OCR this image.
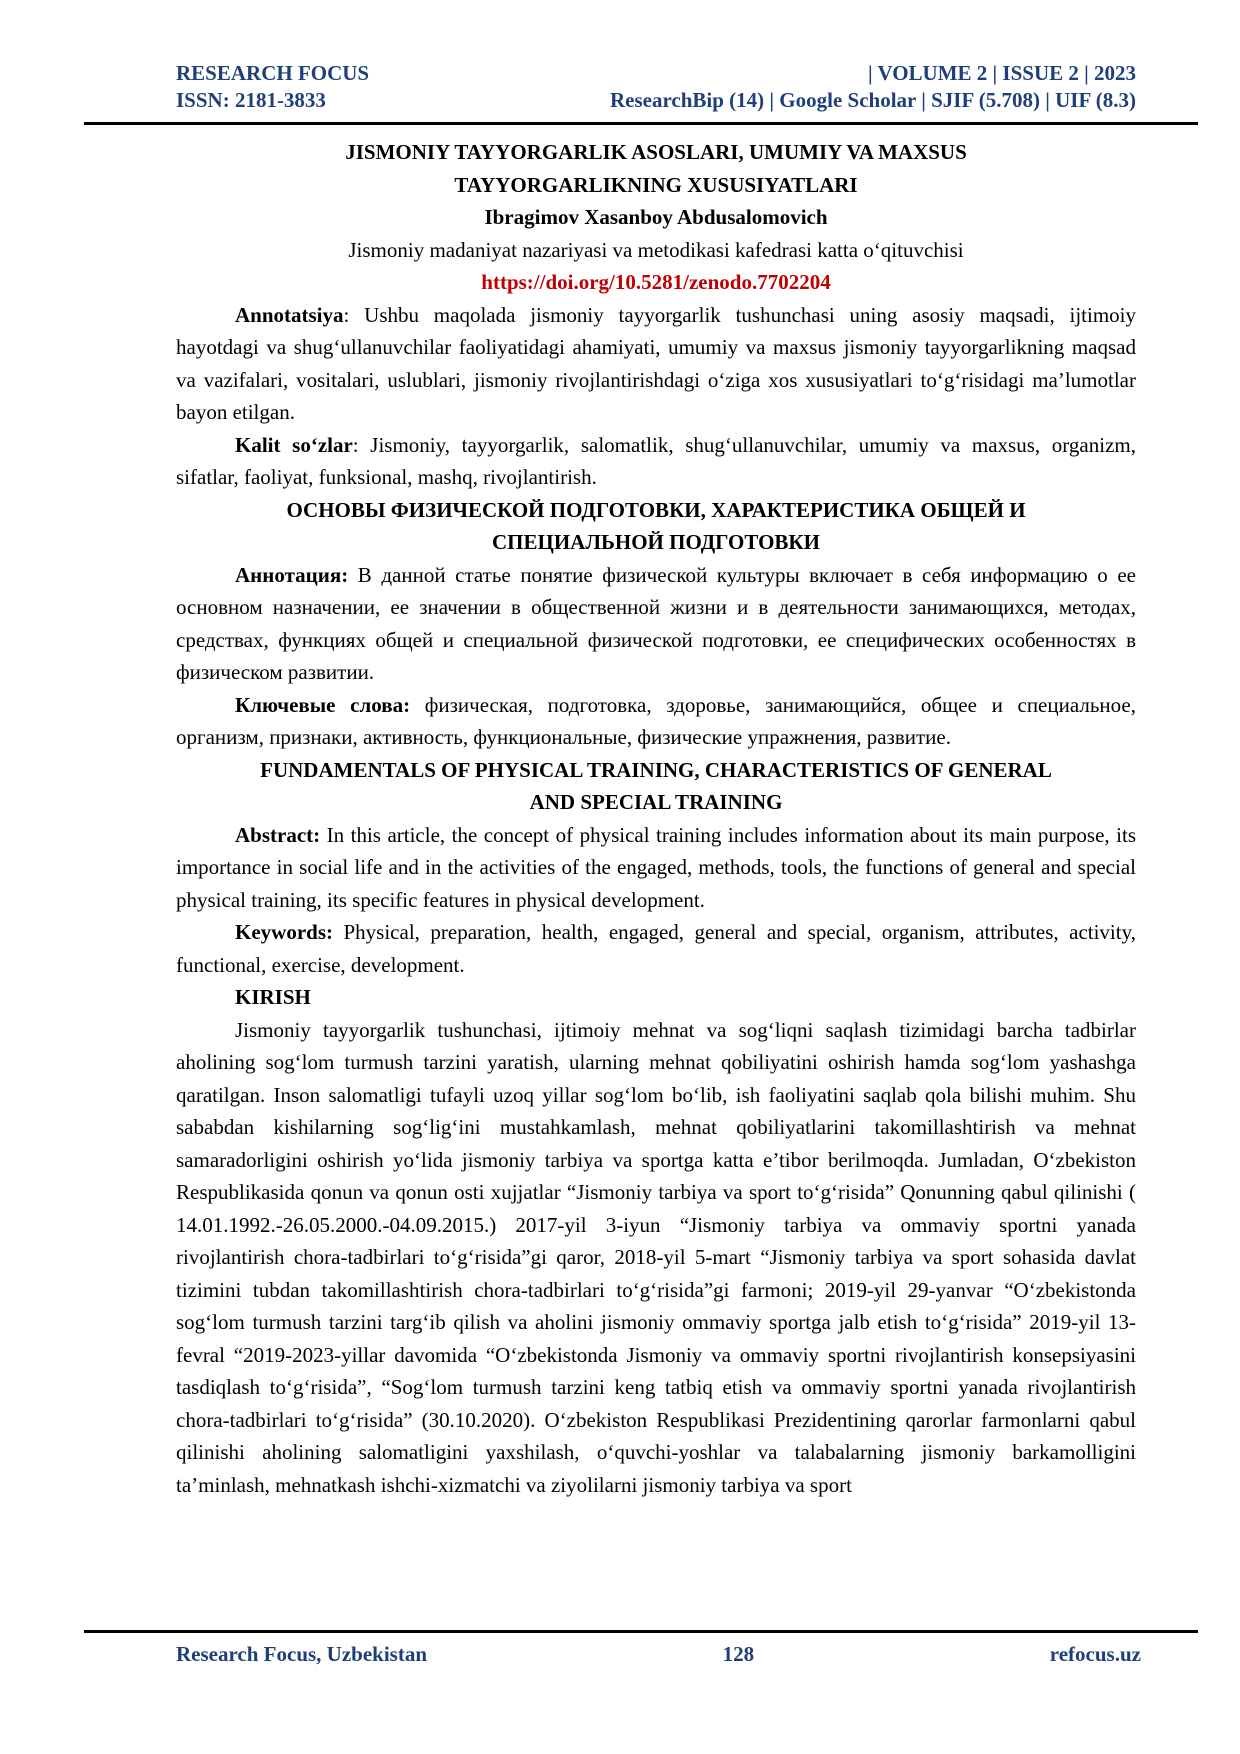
RESEARCH FOCUS	| VOLUME 2 | ISSUE 2 | 2023
ISSN: 2181-3833	ResearchBip (14) | Google Scholar | SJIF (5.708) | UIF (8.3)

JISMONIY TAYYORGARLIK ASOSLARI, UMUMIY VA MAXSUS

TAYYORGARLIKNING XUSUSIYATLARI

Ibragimov Xasanboy Abdusalomovich

Jismoniy madaniyat nazariyasi va metodikasi kafedrasi katta o‘qituvchisi

https://doi.org/10.5281/zenodo.7702204

Annotatsiya: Ushbu maqolada jismoniy tayyorgarlik tushunchasi uning asosiy maqsadi, ijtimoiy hayotdagi va shug‘ullanuvchilar faoliyatidagi ahamiyati, umumiy va maxsus jismoniy tayyorgarlikning maqsad va vazifalari, vositalari, uslublari, jismoniy rivojlantirishdagi o‘ziga xos xususiyatlari to‘g‘risidagi ma’lumotlar bayon etilgan.

Kalit so‘zlar: Jismoniy, tayyorgarlik, salomatlik, shug‘ullanuvchilar, umumiy va maxsus, organizm, sifatlar, faoliyat, funksional, mashq, rivojlantirish.

ОСНОВЫ ФИЗИЧЕСКОЙ ПОДГОТОВКИ, ХАРАКТЕРИСТИКА ОБЩЕЙ И

СПЕЦИАЛЬНОЙ ПОДГОТОВКИ

Аннотация: В данной статье понятие физической культуры включает в себя информацию о ее основном назначении, ее значении в общественной жизни и в деятельности занимающихся, методах, средствах, функциях общей и специальной физической подготовки, ее специфических особенностях в физическом развитии.

Ключевые слова: физическая, подготовка, здоровье, занимающийся, общее и специальное, организм, признаки, активность, функциональные, физические упражнения, развитие.

FUNDAMENTALS OF PHYSICAL TRAINING, CHARACTERISTICS OF GENERAL

AND SPECIAL TRAINING

Abstract: In this article, the concept of physical training includes information about its main purpose, its importance in social life and in the activities of the engaged, methods, tools, the functions of general and special physical training, its specific features in physical development.

Keywords: Physical, preparation, health, engaged, general and special, organism, attributes, activity, functional, exercise, development.

KIRISH

Jismoniy tayyorgarlik tushunchasi, ijtimoiy mehnat va sog‘liqni saqlash tizimidagi barcha tadbirlar aholining sog‘lom turmush tarzini yaratish, ularning mehnat qobiliyatini oshirish hamda sog‘lom yashashga qaratilgan. Inson salomatligi tufayli uzoq yillar sog‘lom bo‘lib, ish faoliyatini saqlab qola bilishi muhim. Shu sababdan kishilarning sog‘lig‘ini mustahkamlash, mehnat qobiliyatlarini takomillashtirish va mehnat samaradorligini oshirish yo‘lida jismoniy tarbiya va sportga katta e’tibor berilmoqda. Jumladan, O‘zbekiston Respublikasida qonun va qonun osti xujjatlar “Jismoniy tarbiya va sport to‘g‘risida” Qonunning qabul qilinishi ( 14.01.1992.-26.05.2000.-04.09.2015.) 2017-yil 3-iyun “Jismoniy tarbiya va ommaviy sportni yanada rivojlantirish chora-tadbirlari to‘g‘risida”gi qaror, 2018-yil 5-mart “Jismoniy tarbiya va sport sohasida davlat tizimini tubdan takomillashtirish chora-tadbirlari to‘g‘risida”gi farmoni; 2019-yil 29-yanvar “O‘zbekistonda sog‘lom turmush tarzini targ‘ib qilish va aholini jismoniy ommaviy sportga jalb etish to‘g‘risida” 2019-yil 13-fevral “2019-2023-yillar davomida “O‘zbekistonda Jismoniy va ommaviy sportni rivojlantirish konsepsiyasini tasdiqlash to‘g‘risida”, “Sog‘lom turmush tarzini keng tatbiq etish va ommaviy sportni yanada rivojlantirish chora-tadbirlari to‘g‘risida” (30.10.2020). O‘zbekiston Respublikasi Prezidentining qarorlar farmonlarni qabul qilinishi aholining salomatligini yaxshilash, o‘quvchi-yoshlar va talabalarning jismoniy barkamolligini ta’minlash, mehnatkash ishchi-xizmatchi va ziyolilarni jismoniy tarbiya va sport

Research Focus, Uzbekistan	128	refocus.uz
